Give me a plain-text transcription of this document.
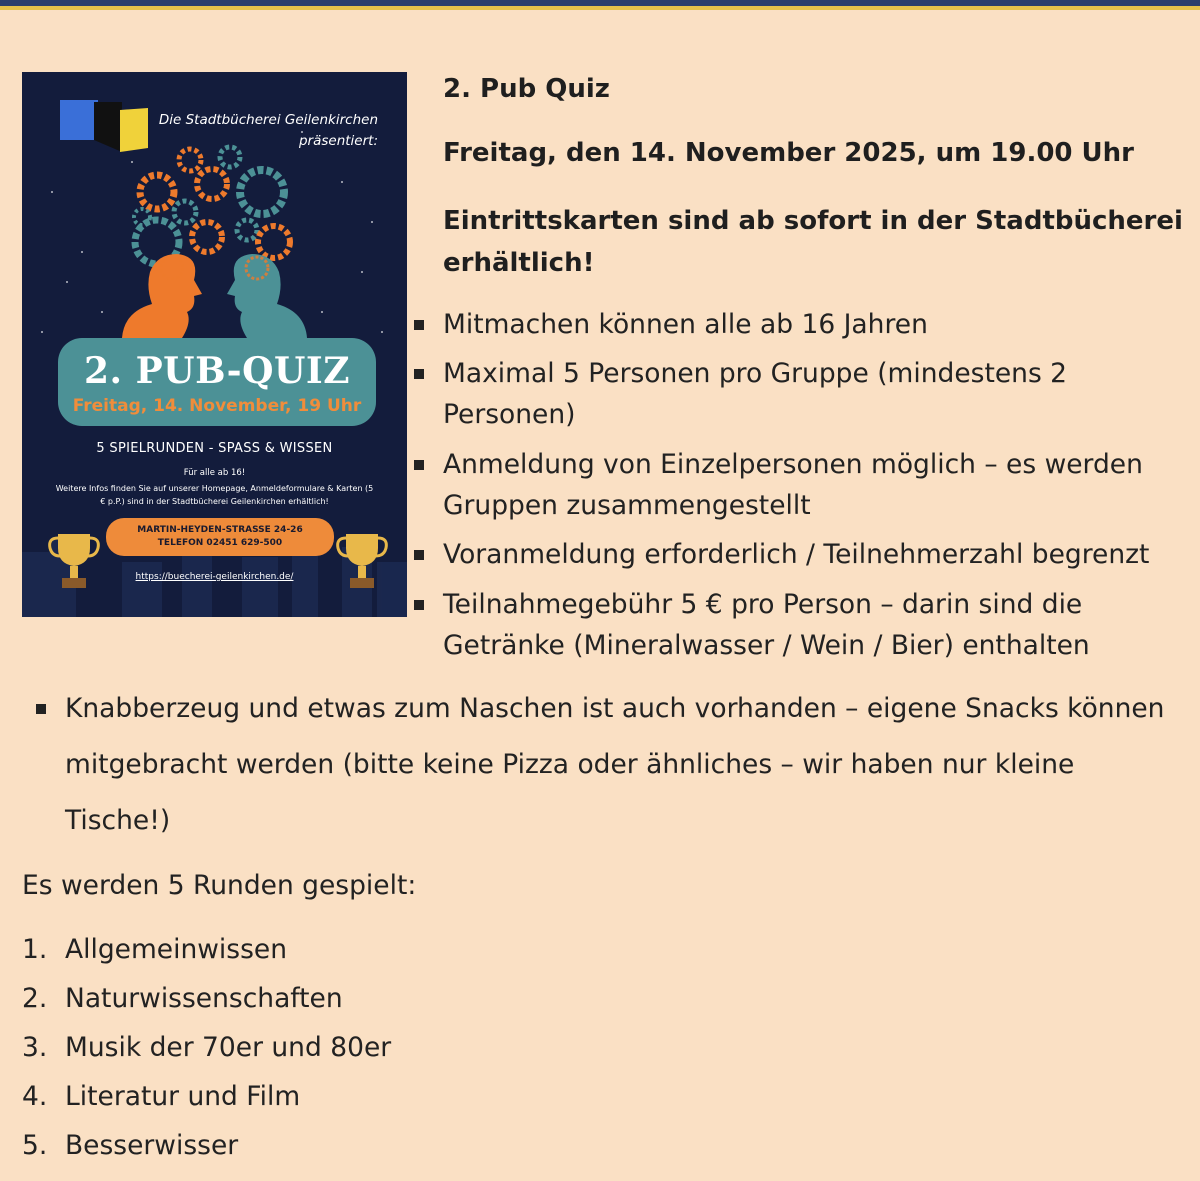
Die Stadtbücherei Geilenkirchen präsentiert:
2. PUB-QUIZ
Freitag, 14. November, 19 Uhr
5 SPIELRUNDEN - SPASS & WISSEN
Für alle ab 16!
Weitere Infos finden Sie auf unserer Homepage, Anmeldeformulare & Karten (5 € p.P.) sind in der Stadtbücherei Geilenkirchen erhältlich!
MARTIN-HEYDEN-STRASSE 24-26
TELEFON 02451 629-500
https://buecherei-geilenkirchen.de/
2. Pub Quiz
Freitag, den 14. November 2025, um 19.00 Uhr
Eintrittskarten sind ab sofort in der Stadtbücherei erhältlich!
Mitmachen können alle ab 16 Jahren
Maximal 5 Personen pro Gruppe (mindestens 2 Personen)
Anmeldung von Einzelpersonen möglich – es werden Gruppen zusammengestellt
Voranmeldung erforderlich / Teilnehmerzahl begrenzt
Teilnahmegebühr 5 € pro Person – darin sind die Getränke (Mineralwasser / Wein / Bier) enthalten
Knabberzeug und etwas zum Naschen ist auch vorhanden – eigene Snacks können mitgebracht werden (bitte keine Pizza oder ähnliches – wir haben nur kleine Tische!)
Es werden 5 Runden gespielt:
1. Allgemeinwissen
2. Naturwissenschaften
3. Musik der 70er und 80er
4. Literatur und Film
5. Besserwisser
